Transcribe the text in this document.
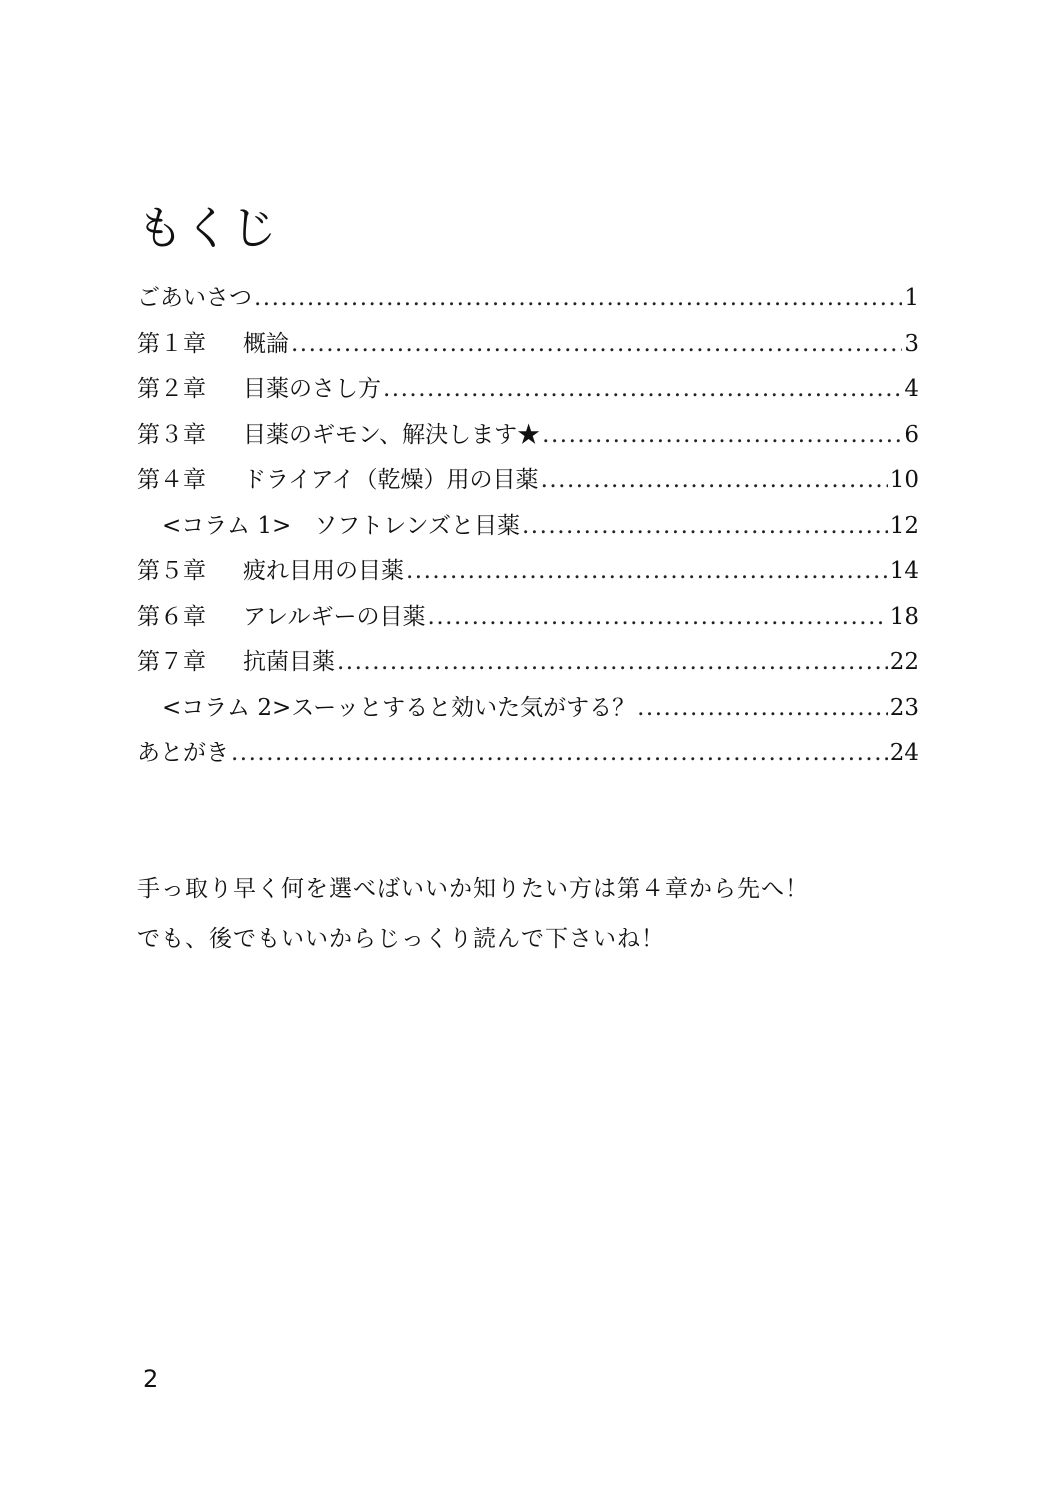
もくじ
ごあいさつ .....	1
第１章	概論 .....	3
第２章	目薬のさし方 .....	4
第３章	目薬のギモン、解決します★ .....	6
第４章	ドライアイ（乾燥）用の目薬 .....	10
<コラム 1>　ソフトレンズと目薬 .....	12
第５章	疲れ目用の目薬 .....	14
第６章	アレルギーの目薬 .....	18
第７章	抗菌目薬 .....	22
<コラム 2>スーッとすると効いた気がする？ .....	23
あとがき .....	24
手っ取り早く何を選べばいいか知りたい方は第４章から先へ！
でも、後でもいいからじっくり読んで下さいね！
2
